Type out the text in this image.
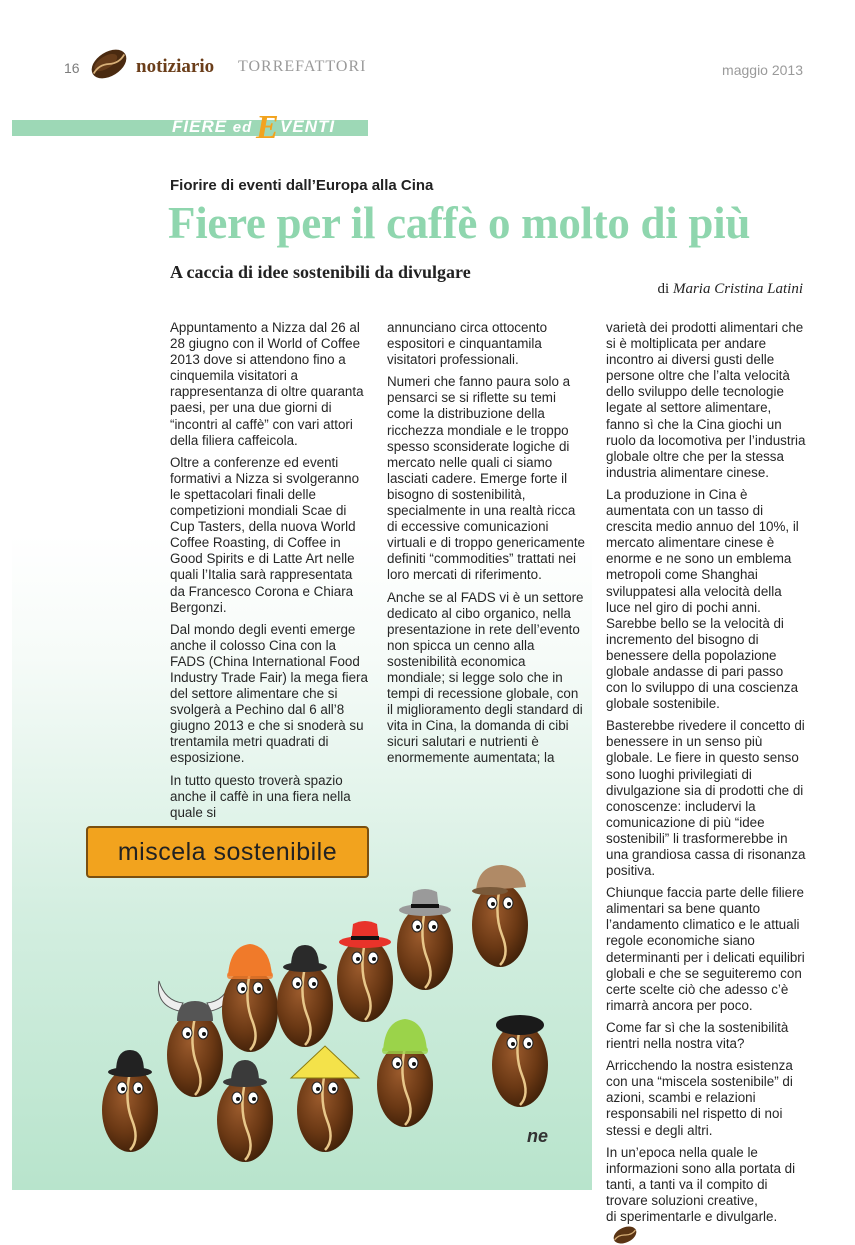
16	notiziario TORREFATTORI	maggio 2013
FIERE ed E VENTI
Fiorire di eventi dall’Europa alla Cina
Fiere per il caffè o molto di più
A caccia di idee sostenibili da divulgare
di Maria Cristina Latini

Appuntamento a Nizza dal 26 al 28 giugno con il World of Coffee 2013 dove si attendono fino a cinquemila visitatori a rappresentanza di oltre quaranta paesi, per una due giorni di “incontri al caffè” con vari attori della filiera caffeicola.

Oltre a conferenze ed eventi formativi a Nizza si svolgeranno le spettacolari finali delle competizioni mondiali Scae di Cup Tasters, della nuova World Coffee Roasting, di Coffee in Good Spirits e di Latte Art nelle quali l’Italia sarà rappresentata da Francesco Corona e Chiara Bergonzi.

Dal mondo degli eventi emerge anche il colosso Cina con la FADS (China International Food Industry Trade Fair) la mega fiera del settore alimentare che si svolgerà a Pechino dal 6 all’8 giugno 2013 e che si snoderà su trentamila metri quadrati di esposizione.

In tutto questo troverà spazio anche il caffè in una fiera nella quale si

annunciano circa ottocento espositori e cinquantamila visitatori professionali.

Numeri che fanno paura solo a pensarci se si riflette su temi come la distribuzione della ricchezza mondiale e le troppo spesso sconsiderate logiche di mercato nelle quali ci siamo lasciati cadere. Emerge forte il bisogno di sostenibilità, specialmente in una realtà ricca di eccessive comunicazioni virtuali e di troppo genericamente definiti “commodities” trattati nei loro mercati di riferimento.

Anche se al FADS vi è un settore dedicato al cibo organico, nella presentazione in rete dell’evento non spicca un cenno alla sostenibilità economica mondiale; si legge solo che in tempi di recessione globale, con il miglioramento degli standard di vita in Cina, la domanda di cibi sicuri salutari e nutrienti è enormemente aumentata; la

varietà dei prodotti alimentari che si è moltiplicata per andare incontro ai diversi gusti delle persone oltre che l’alta velocità dello sviluppo delle tecnologie legate al settore alimentare, fanno sì che la Cina giochi un ruolo da locomotiva per l’industria globale oltre che per la stessa industria alimentare cinese.

La produzione in Cina è aumentata con un tasso di crescita medio annuo del 10%, il mercato alimentare cinese è enorme e ne sono un emblema metropoli come Shanghai sviluppatesi alla velocità della luce nel giro di pochi anni. Sarebbe bello se la velocità di incremento del bisogno di benessere della popolazione globale andasse di pari passo con lo sviluppo di una coscienza globale sostenibile.

Basterebbe rivedere il concetto di benessere in un senso più globale. Le fiere in questo senso sono luoghi privilegiati di divulgazione sia di prodotti che di conoscenze: includervi la comunicazione di più “idee sostenibili” li trasformerebbe in una grandiosa cassa di risonanza positiva.

Chiunque faccia parte delle filiere alimentari sa bene quanto l’andamento climatico e le attuali regole economiche siano determinanti per i delicati equilibri globali e che se seguiteremo con certe scelte ciò che adesso c’è rimarrà ancora per poco.

Come far sì che la sostenibilità rientri nella nostra vita?

Arricchendo la nostra esistenza con una “miscela sostenibile” di azioni, scambi e relazioni responsabili nel rispetto di noi stessi e degli altri.

In un’epoca nella quale le informazioni sono alla portata di tanti, a tanti va il compito di trovare soluzioni creative,

di sperimentarle e divulgarle.

miscela sostenibile
ne
